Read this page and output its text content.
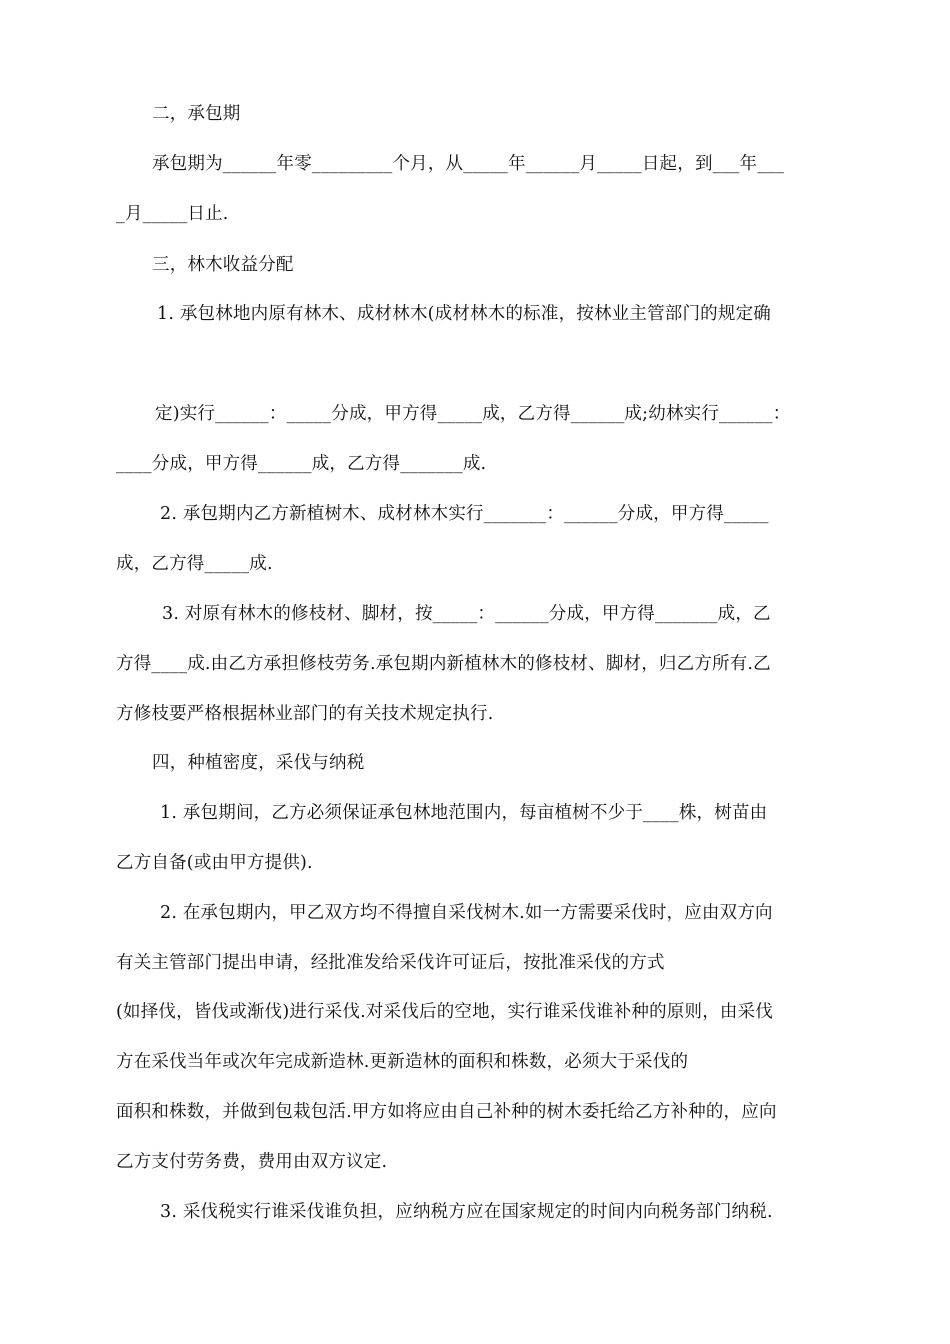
二，承包期
承包期为______年零_________个月，从_____年______月_____日起，到___年___
_月_____日止.
三，林木收益分配
1. 承包林地内原有林木、成材林木(成材林木的标准，按林业主管部门的规定确
定)实行______：_____分成，甲方得_____成，乙方得______成;幼林实行______：
____分成，甲方得______成，乙方得_______成.
2. 承包期内乙方新植树木、成材林木实行_______：______分成，甲方得_____
成，乙方得_____成.
3. 对原有林木的修枝材、脚材，按_____：______分成，甲方得_______成，乙
方得____成.由乙方承担修枝劳务.承包期内新植林木的修枝材、脚材，归乙方所有.乙
方修枝要严格根据林业部门的有关技术规定执行.
四，种植密度，采伐与纳税
1. 承包期间，乙方必须保证承包林地范围内，每亩植树不少于____株，树苗由
乙方自备(或由甲方提供).
2. 在承包期内，甲乙双方均不得擅自采伐树木.如一方需要采伐时，应由双方向
有关主管部门提出申请，经批准发给采伐许可证后，按批准采伐的方式
(如择伐，皆伐或渐伐)进行采伐.对采伐后的空地，实行谁采伐谁补种的原则，由采伐
方在采伐当年或次年完成新造林.更新造林的面积和株数，必须大于采伐的
面积和株数，并做到包栽包活.甲方如将应由自己补种的树木委托给乙方补种的，应向
乙方支付劳务费，费用由双方议定.
3. 采伐税实行谁采伐谁负担，应纳税方应在国家规定的时间内向税务部门纳税.
